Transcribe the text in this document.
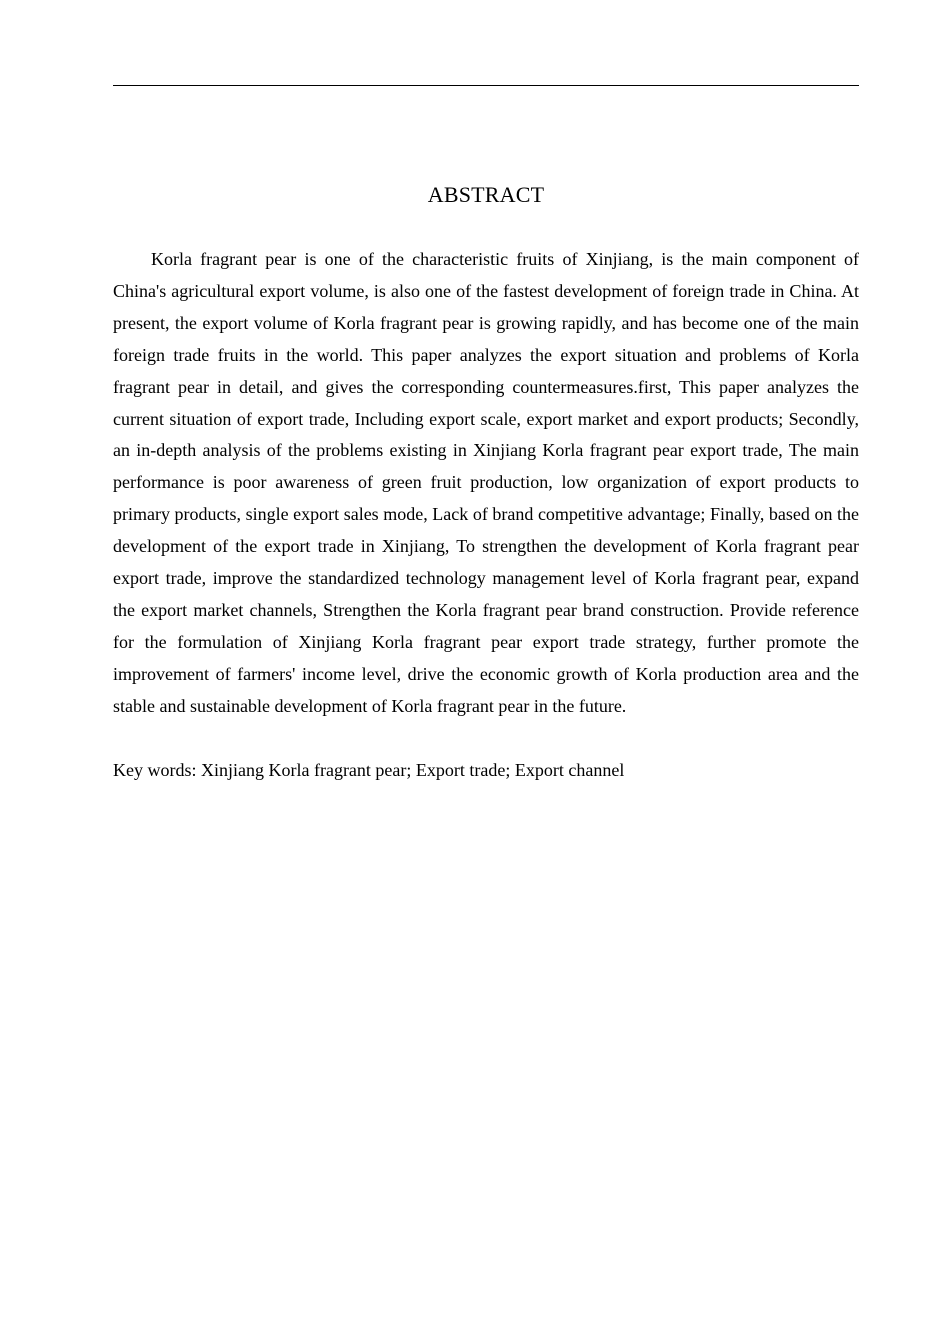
ABSTRACT

Korla fragrant pear is one of the characteristic fruits of Xinjiang, is the main component of China's agricultural export volume, is also one of the fastest development of foreign trade in China. At present, the export volume of Korla fragrant pear is growing rapidly, and has become one of the main foreign trade fruits in the world. This paper analyzes the export situation and problems of Korla fragrant pear in detail, and gives the corresponding countermeasures.first, This paper analyzes the current situation of export trade, Including export scale, export market and export products; Secondly, an in-depth analysis of the problems existing in Xinjiang Korla fragrant pear export trade, The main performance is poor awareness of green fruit production, low organization of export products to primary products, single export sales mode, Lack of brand competitive advantage; Finally, based on the development of the export trade in Xinjiang, To strengthen the development of Korla fragrant pear export trade, improve the standardized technology management level of Korla fragrant pear, expand the export market channels, Strengthen the Korla fragrant pear brand construction. Provide reference for the formulation of Xinjiang Korla fragrant pear export trade strategy, further promote the improvement of farmers' income level, drive the economic growth of Korla production area and the stable and sustainable development of Korla fragrant pear in the future.

Key words: Xinjiang Korla fragrant pear; Export trade; Export channel
